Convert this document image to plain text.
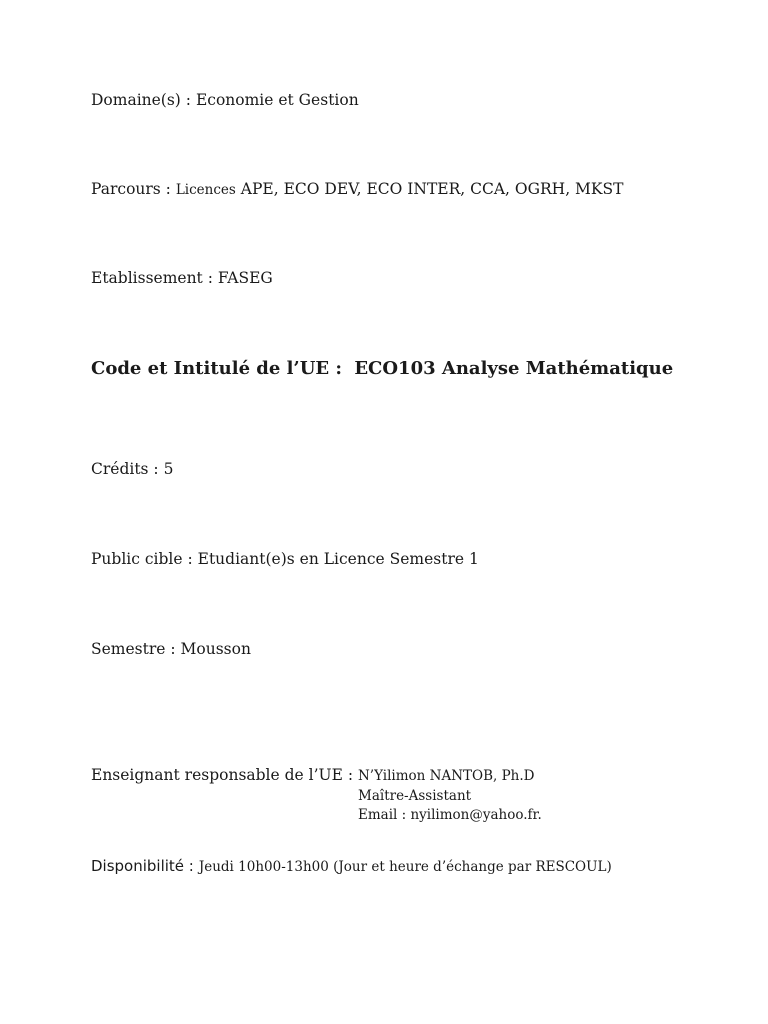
Domaine(s) : Economie et Gestion
Parcours : Licences APE, ECO DEV, ECO INTER, CCA, OGRH, MKST
Etablissement : FASEG
Code et Intitulé de l’UE : ECO103 Analyse Mathématique
Crédits : 5
Public cible : Etudiant(e)s en Licence Semestre 1
Semestre : Mousson
Enseignant responsable de l’UE : N’Yilimon NANTOB, Ph.D
Maître-Assistant
Email : nyilimon@yahoo.fr.
Disponibilité : Jeudi 10h00-13h00 (Jour et heure d’échange par RESCOUL)
